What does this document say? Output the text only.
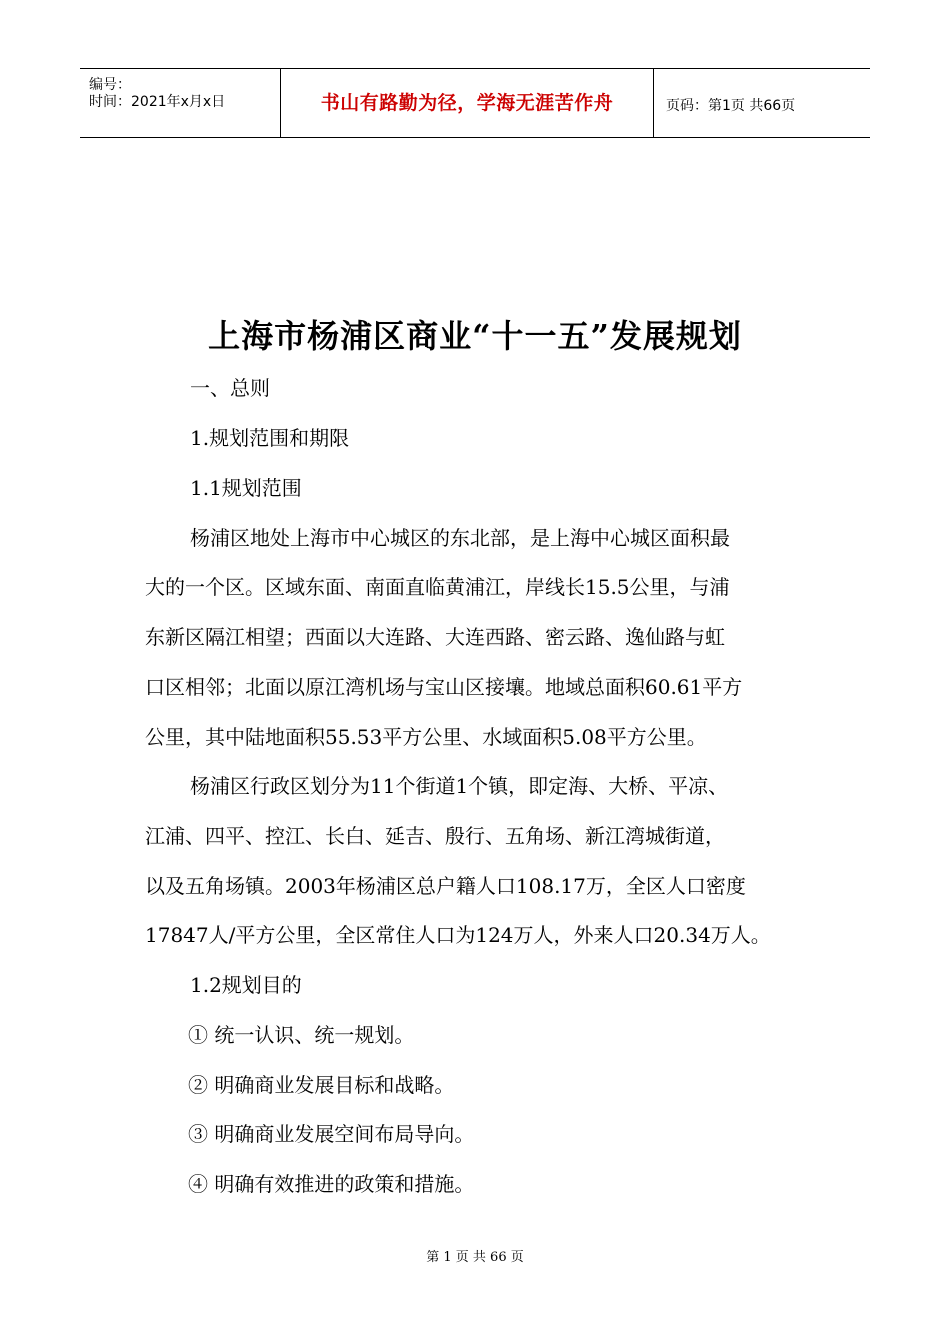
编号：
时间：2021年x月x日	书山有路勤为径，学海无涯苦作舟	页码：第1页 共66页
上海市杨浦区商业“十一五”发展规划
一、总则
1.规划范围和期限
1.1规划范围
杨浦区地处上海市中心城区的东北部，是上海中心城区面积最
大的一个区。区域东面、南面直临黄浦江，岸线长15.5公里，与浦
东新区隔江相望；西面以大连路、大连西路、密云路、逸仙路与虹
口区相邻；北面以原江湾机场与宝山区接壤。地域总面积60.61平方
公里，其中陆地面积55.53平方公里、水域面积5.08平方公里。
杨浦区行政区划分为11个街道1个镇，即定海、大桥、平凉、
江浦、四平、控江、长白、延吉、殷行、五角场、新江湾城街道，
以及五角场镇。2003年杨浦区总户籍人口108.17万，全区人口密度
17847人/平方公里，全区常住人口为124万人，外来人口20.34万人。
1.2规划目的
① 统一认识、统一规划。
② 明确商业发展目标和战略。
③ 明确商业发展空间布局导向。
④ 明确有效推进的政策和措施。
第 1 页 共 66 页
